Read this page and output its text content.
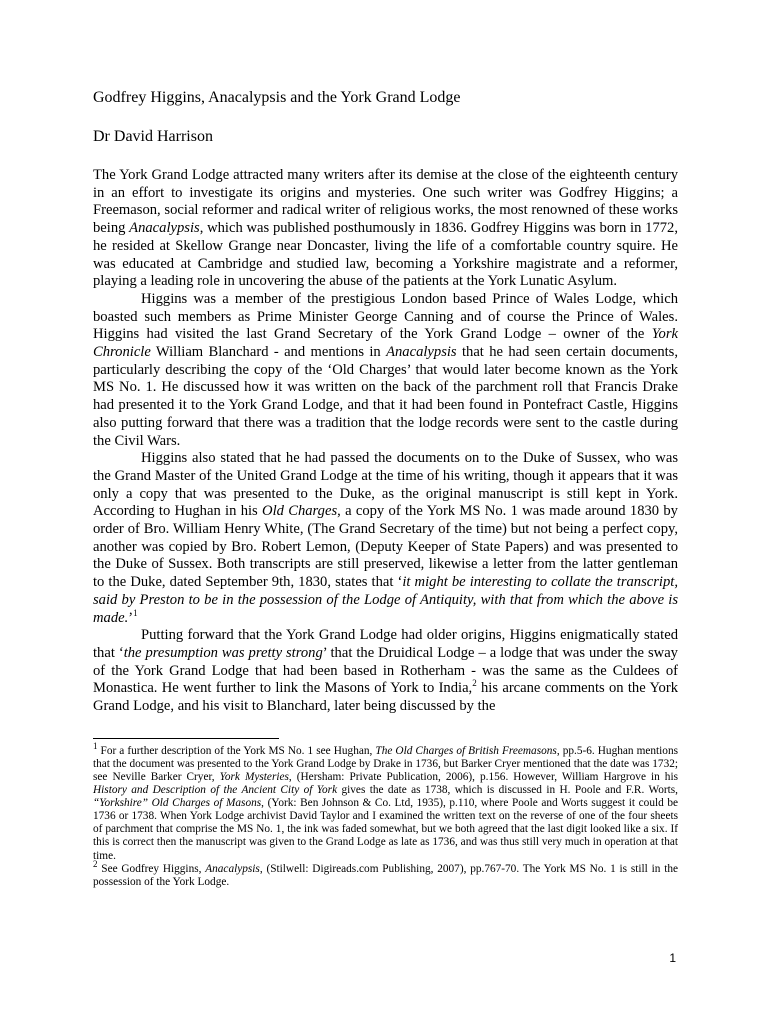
Godfrey Higgins, Anacalypsis and the York Grand Lodge
Dr David Harrison

The York Grand Lodge attracted many writers after its demise at the close of the eighteenth century in an effort to investigate its origins and mysteries. One such writer was Godfrey Higgins; a Freemason, social reformer and radical writer of religious works, the most renowned of these works being Anacalypsis, which was published posthumously in 1836. Godfrey Higgins was born in 1772, he resided at Skellow Grange near Doncaster, living the life of a comfortable country squire. He was educated at Cambridge and studied law, becoming a Yorkshire magistrate and a reformer, playing a leading role in uncovering the abuse of the patients at the York Lunatic Asylum.

Higgins was a member of the prestigious London based Prince of Wales Lodge, which boasted such members as Prime Minister George Canning and of course the Prince of Wales. Higgins had visited the last Grand Secretary of the York Grand Lodge – owner of the York Chronicle William Blanchard - and mentions in Anacalypsis that he had seen certain documents, particularly describing the copy of the ‘Old Charges’ that would later become known as the York MS No. 1. He discussed how it was written on the back of the parchment roll that Francis Drake had presented it to the York Grand Lodge, and that it had been found in Pontefract Castle, Higgins also putting forward that there was a tradition that the lodge records were sent to the castle during the Civil Wars.

Higgins also stated that he had passed the documents on to the Duke of Sussex, who was the Grand Master of the United Grand Lodge at the time of his writing, though it appears that it was only a copy that was presented to the Duke, as the original manuscript is still kept in York. According to Hughan in his Old Charges, a copy of the York MS No. 1 was made around 1830 by order of Bro. William Henry White, (The Grand Secretary of the time) but not being a perfect copy, another was copied by Bro. Robert Lemon, (Deputy Keeper of State Papers) and was presented to the Duke of Sussex. Both transcripts are still preserved, likewise a letter from the latter gentleman to the Duke, dated September 9th, 1830, states that ‘it might be interesting to collate the transcript, said by Preston to be in the possession of the Lodge of Antiquity, with that from which the above is made.’$^1$

Putting forward that the York Grand Lodge had older origins, Higgins enigmatically stated that ‘the presumption was pretty strong’ that the Druidical Lodge – a lodge that was under the sway of the York Grand Lodge that had been based in Rotherham - was the same as the Culdees of Monastica. He went further to link the Masons of York to India,$^2$ his arcane comments on the York Grand Lodge, and his visit to Blanchard, later being discussed by the

$^1$ For a further description of the York MS No. 1 see Hughan, The Old Charges of British Freemasons, pp.5-6. Hughan mentions that the document was presented to the York Grand Lodge by Drake in 1736, but Barker Cryer mentioned that the date was 1732; see Neville Barker Cryer, York Mysteries, (Hersham: Private Publication, 2006), p.156. However, William Hargrove in his History and Description of the Ancient City of York gives the date as 1738, which is discussed in H. Poole and F.R. Worts, “Yorkshire” Old Charges of Masons, (York: Ben Johnson & Co. Ltd, 1935), p.110, where Poole and Worts suggest it could be 1736 or 1738. When York Lodge archivist David Taylor and I examined the written text on the reverse of one of the four sheets of parchment that comprise the MS No. 1, the ink was faded somewhat, but we both agreed that the last digit looked like a six. If this is correct then the manuscript was given to the Grand Lodge as late as 1736, and was thus still very much in operation at that time.

$^2$ See Godfrey Higgins, Anacalypsis, (Stilwell: Digireads.com Publishing, 2007), pp.767-70. The York MS No. 1 is still in the possession of the York Lodge.

1
